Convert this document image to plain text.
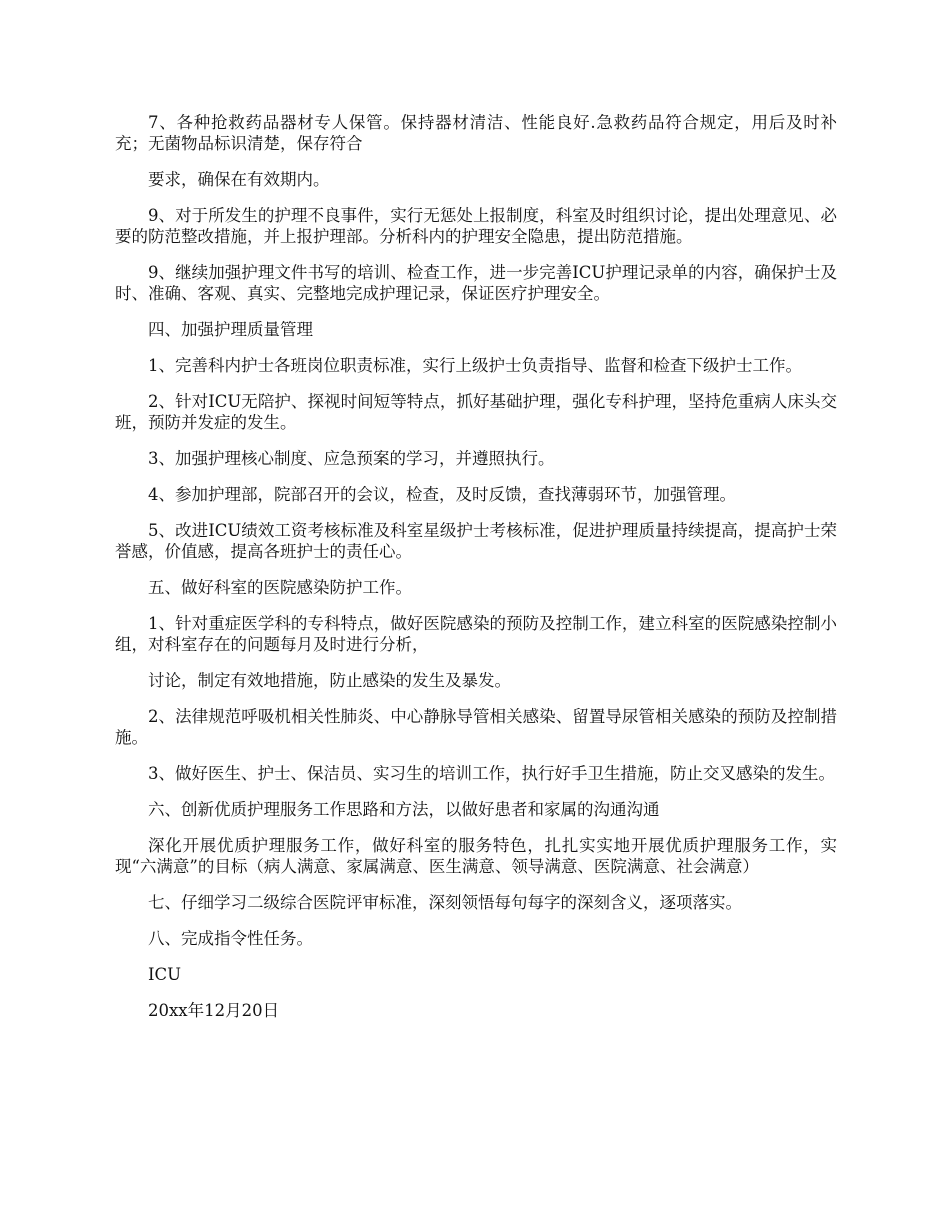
7、各种抢救药品器材专人保管。保持器材清洁、性能良好.急救药品符合规定，用后及时补充；无菌物品标识清楚，保存符合

要求，确保在有效期内。

9、对于所发生的护理不良事件，实行无惩处上报制度，科室及时组织讨论，提出处理意见、必要的防范整改措施，并上报护理部。分析科内的护理安全隐患，提出防范措施。

9、继续加强护理文件书写的培训、检查工作，进一步完善ICU护理记录单的内容，确保护士及时、准确、客观、真实、完整地完成护理记录，保证医疗护理安全。

四、加强护理质量管理

1、完善科内护士各班岗位职责标准，实行上级护士负责指导、监督和检查下级护士工作。

2、针对ICU无陪护、探视时间短等特点，抓好基础护理，强化专科护理，坚持危重病人床头交班，预防并发症的发生。

3、加强护理核心制度、应急预案的学习，并遵照执行。

4、参加护理部，院部召开的会议，检查，及时反馈，查找薄弱环节，加强管理。

5、改进ICU绩效工资考核标准及科室星级护士考核标准，促进护理质量持续提高，提高护士荣誉感，价值感，提高各班护士的责任心。

五、做好科室的医院感染防护工作。

1、针对重症医学科的专科特点，做好医院感染的预防及控制工作，建立科室的医院感染控制小组，对科室存在的问题每月及时进行分析，

讨论，制定有效地措施，防止感染的发生及暴发。

2、法律规范呼吸机相关性肺炎、中心静脉导管相关感染、留置导尿管相关感染的预防及控制措施。

3、做好医生、护士、保洁员、实习生的培训工作，执行好手卫生措施，防止交叉感染的发生。

六、创新优质护理服务工作思路和方法，以做好患者和家属的沟通沟通

深化开展优质护理服务工作，做好科室的服务特色，扎扎实实地开展优质护理服务工作，实现“六满意”的目标（病人满意、家属满意、医生满意、领导满意、医院满意、社会满意）

七、仔细学习二级综合医院评审标准，深刻领悟每句每字的深刻含义，逐项落实。

八、完成指令性任务。

ICU

20xx年12月20日
